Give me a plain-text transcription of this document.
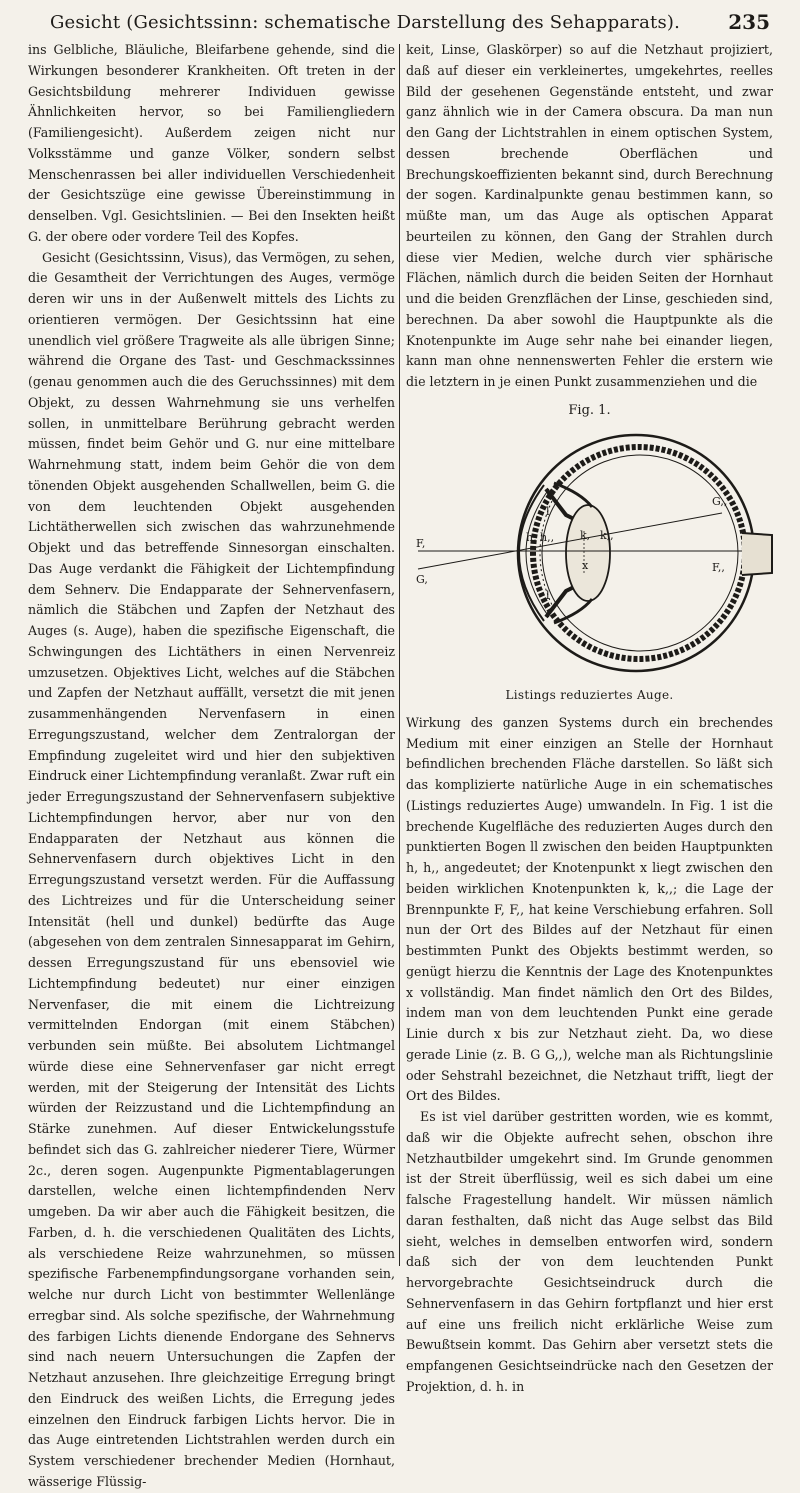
Gesicht (Gesichtssinn: schematische Darstellung des Sehapparats).	235

ins Gelbliche, Bläuliche, Bleifarbene gehende, sind die Wirkungen besonderer Krankheiten. Oft treten in der Gesichtsbildung mehrerer Individuen gewisse Ähnlichkeiten hervor, so bei Familiengliedern (Familiengesicht). Außerdem zeigen nicht nur Volksstämme und ganze Völker, sondern selbst Menschenrassen bei aller individuellen Verschiedenheit der Gesichtszüge eine gewisse Übereinstimmung in denselben. Vgl. Gesichtslinien. — Bei den Insekten heißt G. der obere oder vordere Teil des Kopfes.

Gesicht (Gesichtssinn, Visus), das Vermögen, zu sehen, die Gesamtheit der Verrichtungen des Auges, vermöge deren wir uns in der Außenwelt mittels des Lichts zu orientieren vermögen. Der Gesichtssinn hat eine unendlich viel größere Tragweite als alle übrigen Sinne; während die Organe des Tast- und Geschmackssinnes (genau genommen auch die des Geruchssinnes) mit dem Objekt, zu dessen Wahrnehmung sie uns verhelfen sollen, in unmittelbare Berührung gebracht werden müssen, findet beim Gehör und G. nur eine mittelbare Wahrnehmung statt, indem beim Gehör die von dem tönenden Objekt ausgehenden Schallwellen, beim G. die von dem leuchtenden Objekt ausgehenden Lichtätherwellen sich zwischen das wahrzunehmende Objekt und das betreffende Sinnesorgan einschalten. Das Auge verdankt die Fähigkeit der Lichtempfindung dem Sehnerv. Die Endapparate der Sehnervenfasern, nämlich die Stäbchen und Zapfen der Netzhaut des Auges (s. Auge), haben die spezifische Eigenschaft, die Schwingungen des Lichtäthers in einen Nervenreiz umzusetzen. Objektives Licht, welches auf die Stäbchen und Zapfen der Netzhaut auffällt, versetzt die mit jenen zusammenhängenden Nervenfasern in einen Erregungszustand, welcher dem Zentralorgan der Empfindung zugeleitet wird und hier den subjektiven Eindruck einer Lichtempfindung veranlaßt. Zwar ruft ein jeder Erregungszustand der Sehnervenfasern subjektive Lichtempfindungen hervor, aber nur von den Endapparaten der Netzhaut aus können die Sehnervenfasern durch objektives Licht in den Erregungszustand versetzt werden. Für die Auffassung des Lichtreizes und für die Unterscheidung seiner Intensität (hell und dunkel) bedürfte das Auge (abgesehen von dem zentralen Sinnesapparat im Gehirn, dessen Erregungszustand für uns ebensoviel wie Lichtempfindung bedeutet) nur einer einzigen Nervenfaser, die mit einem die Lichtreizung vermittelnden Endorgan (mit einem Stäbchen) verbunden sein müßte. Bei absolutem Lichtmangel würde diese eine Sehnervenfaser gar nicht erregt werden, mit der Steigerung der Intensität des Lichts würden der Reizzustand und die Lichtempfindung an Stärke zunehmen. Auf dieser Entwickelungsstufe befindet sich das G. zahlreicher niederer Tiere, Würmer 2c., deren sogen. Augenpunkte Pigmentablagerungen darstellen, welche einen lichtempfindenden Nerv umgeben. Da wir aber auch die Fähigkeit besitzen, die Farben, d. h. die verschiedenen Qualitäten des Lichts, als verschiedene Reize wahrzunehmen, so müssen spezifische Farbenempfindungsorgane vorhanden sein, welche nur durch Licht von bestimmter Wellenlänge erregbar sind. Als solche spezifische, der Wahrnehmung des farbigen Lichts dienende Endorgane des Sehnervs sind nach neuern Untersuchungen die Zapfen der Netzhaut anzusehen. Ihre gleichzeitige Erregung bringt den Eindruck des weißen Lichts, die Erregung jedes einzelnen den Eindruck farbigen Lichts hervor. Die in das Auge eintretenden Lichtstrahlen werden durch ein System verschiedener brechender Medien (Hornhaut, wässerige Flüssig-

keit, Linse, Glaskörper) so auf die Netzhaut projiziert, daß auf dieser ein verkleinertes, umgekehrtes, reelles Bild der gesehenen Gegenstände entsteht, und zwar ganz ähnlich wie in der Camera obscura. Da man nun den Gang der Lichtstrahlen in einem optischen System, dessen brechende Oberflächen und Brechungskoeffizienten bekannt sind, durch Berechnung der sogen. Kardinalpunkte genau bestimmen kann, so müßte man, um das Auge als optischen Apparat beurteilen zu können, den Gang der Strahlen durch diese vier Medien, welche durch vier sphärische Flächen, nämlich durch die beiden Seiten der Hornhaut und die beiden Grenzflächen der Linse, geschieden sind, berechnen. Da aber sowohl die Hauptpunkte als die Knotenpunkte im Auge sehr nahe bei einander liegen, kann man ohne nennenswerten Fehler die erstern wie die letztern in je einen Punkt zusammenziehen und die

Fig. 1.
l
l
h, h,, k, k,,
x
G,,
F,,
F,
G,
Listings reduziertes Auge.

Wirkung des ganzen Systems durch ein brechendes Medium mit einer einzigen an Stelle der Hornhaut befindlichen brechenden Fläche darstellen. So läßt sich das komplizierte natürliche Auge in ein schematisches (Listings reduziertes Auge) umwandeln. In Fig. 1 ist die brechende Kugelfläche des reduzierten Auges durch den punktierten Bogen ll zwischen den beiden Hauptpunkten h, h,, angedeutet; der Knotenpunkt x liegt zwischen den beiden wirklichen Knotenpunkten k, k,,; die Lage der Brennpunkte F, F,, hat keine Verschiebung erfahren. Soll nun der Ort des Bildes auf der Netzhaut für einen bestimmten Punkt des Objekts bestimmt werden, so genügt hierzu die Kenntnis der Lage des Knotenpunktes x vollständig. Man findet nämlich den Ort des Bildes, indem man von dem leuchtenden Punkt eine gerade Linie durch x bis zur Netzhaut zieht. Da, wo diese gerade Linie (z. B. G G,,), welche man als Richtungslinie oder Sehstrahl bezeichnet, die Netzhaut trifft, liegt der Ort des Bildes.

Es ist viel darüber gestritten worden, wie es kommt, daß wir die Objekte aufrecht sehen, obschon ihre Netzhautbilder umgekehrt sind. Im Grunde genommen ist der Streit überflüssig, weil es sich dabei um eine falsche Fragestellung handelt. Wir müssen nämlich daran festhalten, daß nicht das Auge selbst das Bild sieht, welches in demselben entworfen wird, sondern daß sich der von dem leuchtenden Punkt hervorgebrachte Gesichtseindruck durch die Sehnervenfasern in das Gehirn fortpflanzt und hier erst auf eine uns freilich nicht erklärliche Weise zum Bewußtsein kommt. Das Gehirn aber versetzt stets die empfangenen Gesichtseindrücke nach den Gesetzen der Projektion, d. h. in
